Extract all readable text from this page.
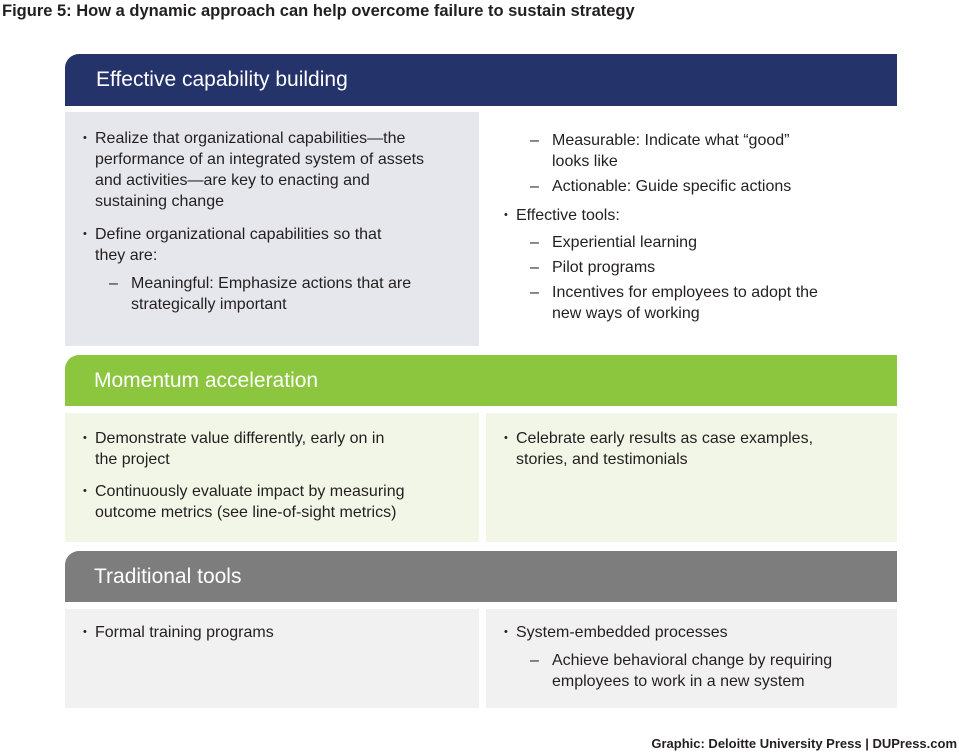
Figure 5: How a dynamic approach can help overcome failure to sustain strategy
Effective capability building
• Realize that organizational capabilities—the
performance of an integrated system of assets
and activities—are key to enacting and
sustaining change
• Define organizational capabilities so that
they are:
– Meaningful: Emphasize actions that are
strategically important
– Measurable: Indicate what “good”
looks like
– Actionable: Guide specific actions
• Effective tools:
– Experiential learning
– Pilot programs
– Incentives for employees to adopt the
new ways of working
Momentum acceleration
• Demonstrate value differently, early on in
the project
• Continuously evaluate impact by measuring
outcome metrics (see line-of-sight metrics)
• Celebrate early results as case examples,
stories, and testimonials
Traditional tools
• Formal training programs	• System-embedded processes
– Achieve behavioral change by requiring
employees to work in a new system
Graphic: Deloitte University Press | DUPress.com
